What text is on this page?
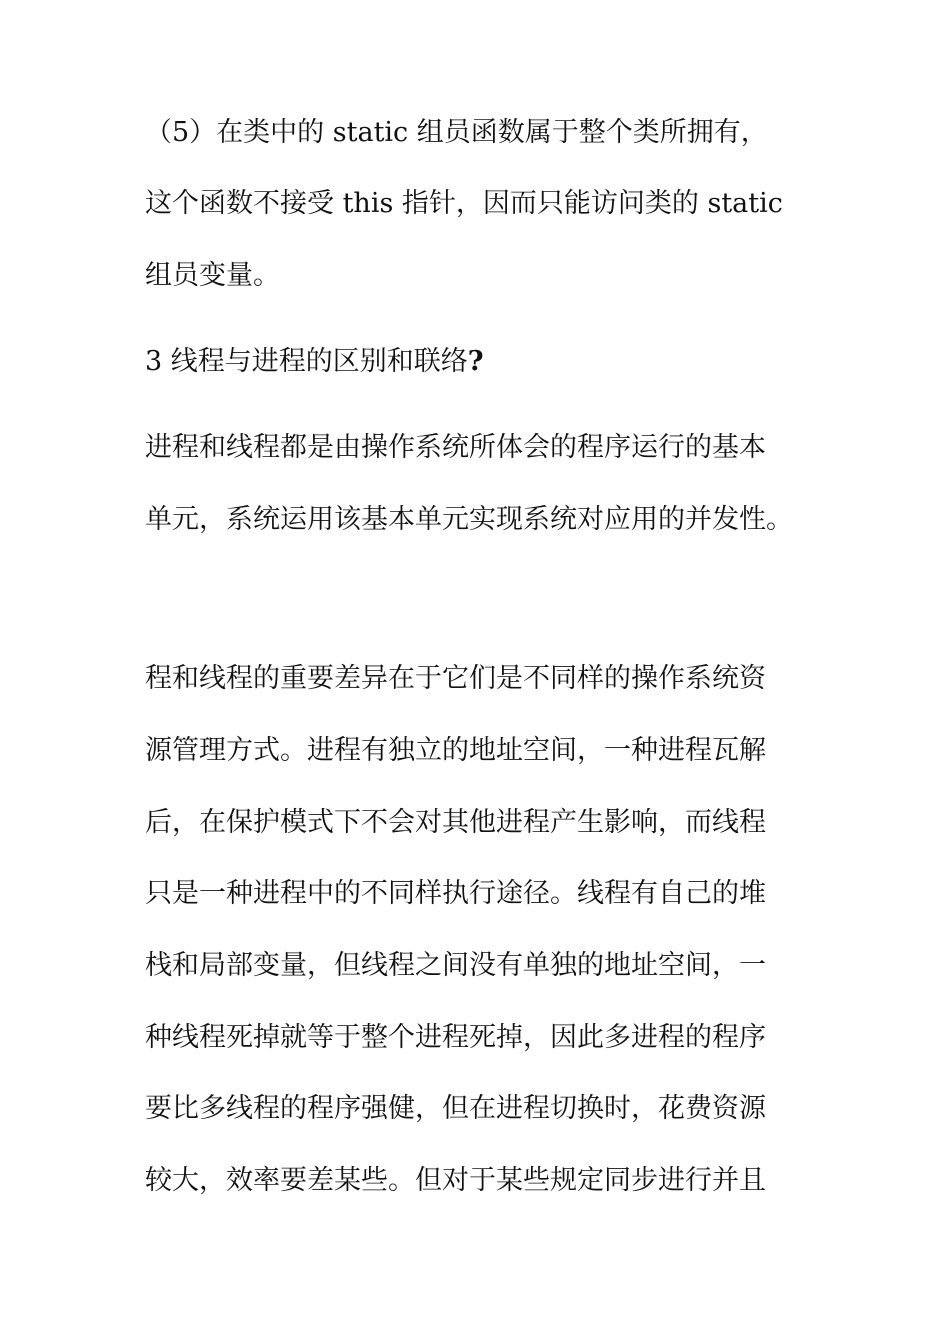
（5）在类中的 static 组员函数属于整个类所拥有，
这个函数不接受 this 指针，因而只能访问类的 static
组员变量。
3 线程与进程的区别和联络?
进程和线程都是由操作系统所体会的程序运行的基本
单元，系统运用该基本单元实现系统对应用的并发性。
程和线程的重要差异在于它们是不同样的操作系统资
源管理方式。进程有独立的地址空间，一种进程瓦解
后，在保护模式下不会对其他进程产生影响，而线程
只是一种进程中的不同样执行途径。线程有自己的堆
栈和局部变量，但线程之间没有单独的地址空间，一
种线程死掉就等于整个进程死掉，因此多进程的程序
要比多线程的程序强健，但在进程切换时，花费资源
较大，效率要差某些。但对于某些规定同步进行并且
